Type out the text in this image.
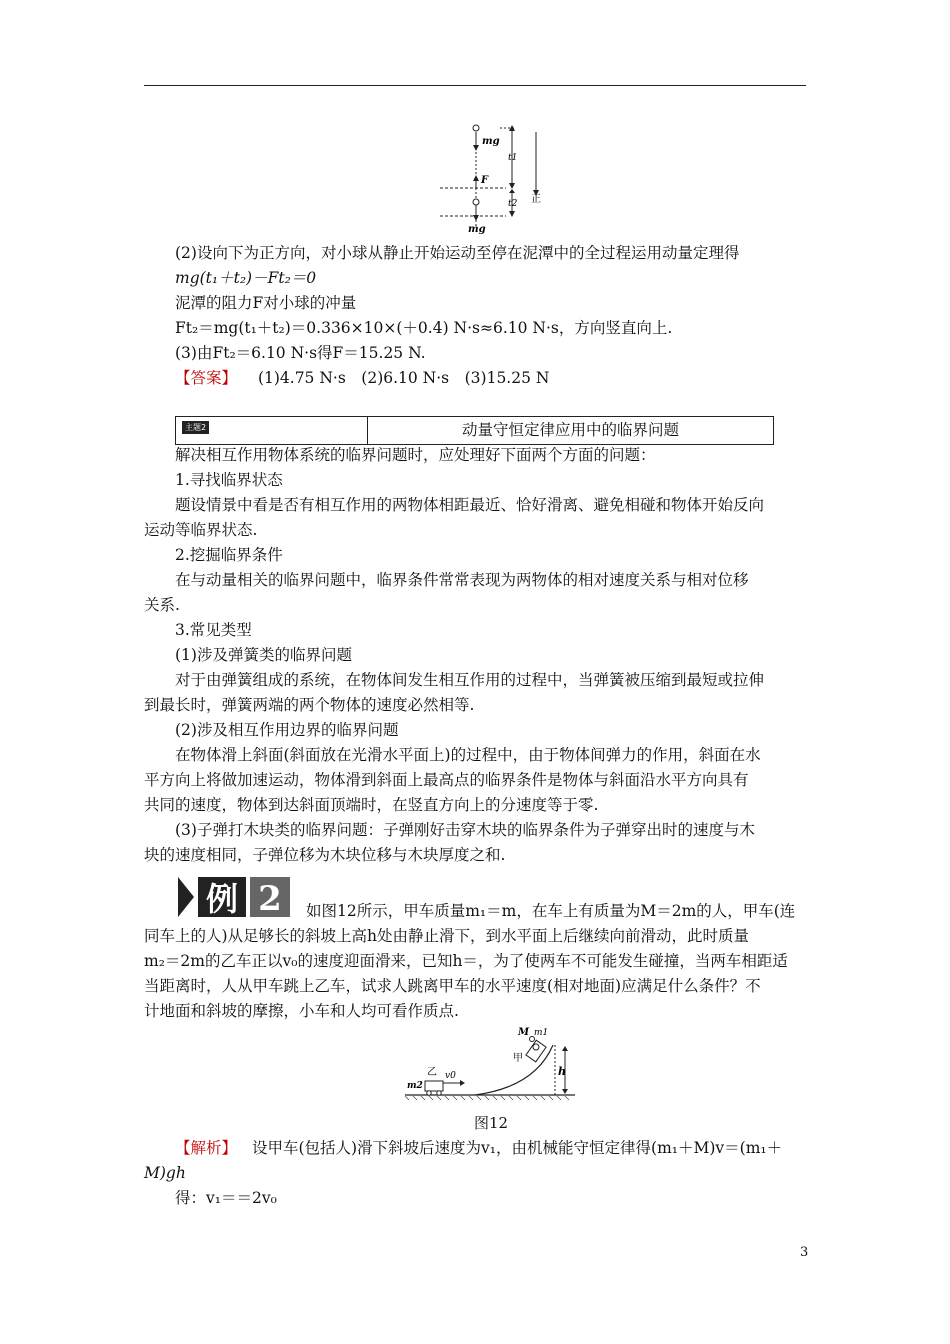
mg
F
mg
t1
t2 正
(2)设向下为正方向，对小球从静止开始运动至停在泥潭中的全过程运用动量定理得
mg(t₁＋t₂)－Ft₂＝0
泥潭的阻力F对小球的冲量
Ft₂＝mg(t₁＋t₂)＝0.336×10×(＋0.4) N·s≈6.10 N·s，方向竖直向上.
(3)由Ft₂＝6.10 N·s得F＝15.25 N.
【答案】 (1)4.75 N·s　(2)6.10 N·s　(3)15.25 N
主题2	动量守恒定律应用中的临界问题
解决相互作用物体系统的临界问题时，应处理好下面两个方面的问题：
1.寻找临界状态
题设情景中看是否有相互作用的两物体相距最近、恰好滑离、避免相碰和物体开始反向
运动等临界状态.
2.挖掘临界条件
在与动量相关的临界问题中，临界条件常常表现为两物体的相对速度关系与相对位移
关系.
3.常见类型
(1)涉及弹簧类的临界问题
对于由弹簧组成的系统，在物体间发生相互作用的过程中，当弹簧被压缩到最短或拉伸
到最长时，弹簧两端的两个物体的速度必然相等.
(2)涉及相互作用边界的临界问题
在物体滑上斜面(斜面放在光滑水平面上)的过程中，由于物体间弹力的作用，斜面在水
平方向上将做加速运动，物体滑到斜面上最高点的临界条件是物体与斜面沿水平方向具有
共同的速度，物体到达斜面顶端时，在竖直方向上的分速度等于零.
(3)子弹打木块类的临界问题：子弹刚好击穿木块的临界条件为子弹穿出时的速度与木
块的速度相同，子弹位移为木块位移与木块厚度之和.
例 2 如图12所示，甲车质量m₁＝m，在车上有质量为M＝2m的人，甲车(连
同车上的人)从足够长的斜坡上高h处由静止滑下，到水平面上后继续向前滑动，此时质量
m₂＝2m的乙车正以v₀的速度迎面滑来，已知h＝，为了使两车不可能发生碰撞，当两车相距适
当距离时，人从甲车跳上乙车，试求人跳离甲车的水平速度(相对地面)应满足什么条件？不
计地面和斜坡的摩擦，小车和人均可看作质点.
h
M m1
甲
乙 v0
m2
图12
【解析】 设甲车(包括人)滑下斜坡后速度为v₁，由机械能守恒定律得(m₁＋M)v＝(m₁＋
M)gh
得：v₁＝＝2v₀
3
